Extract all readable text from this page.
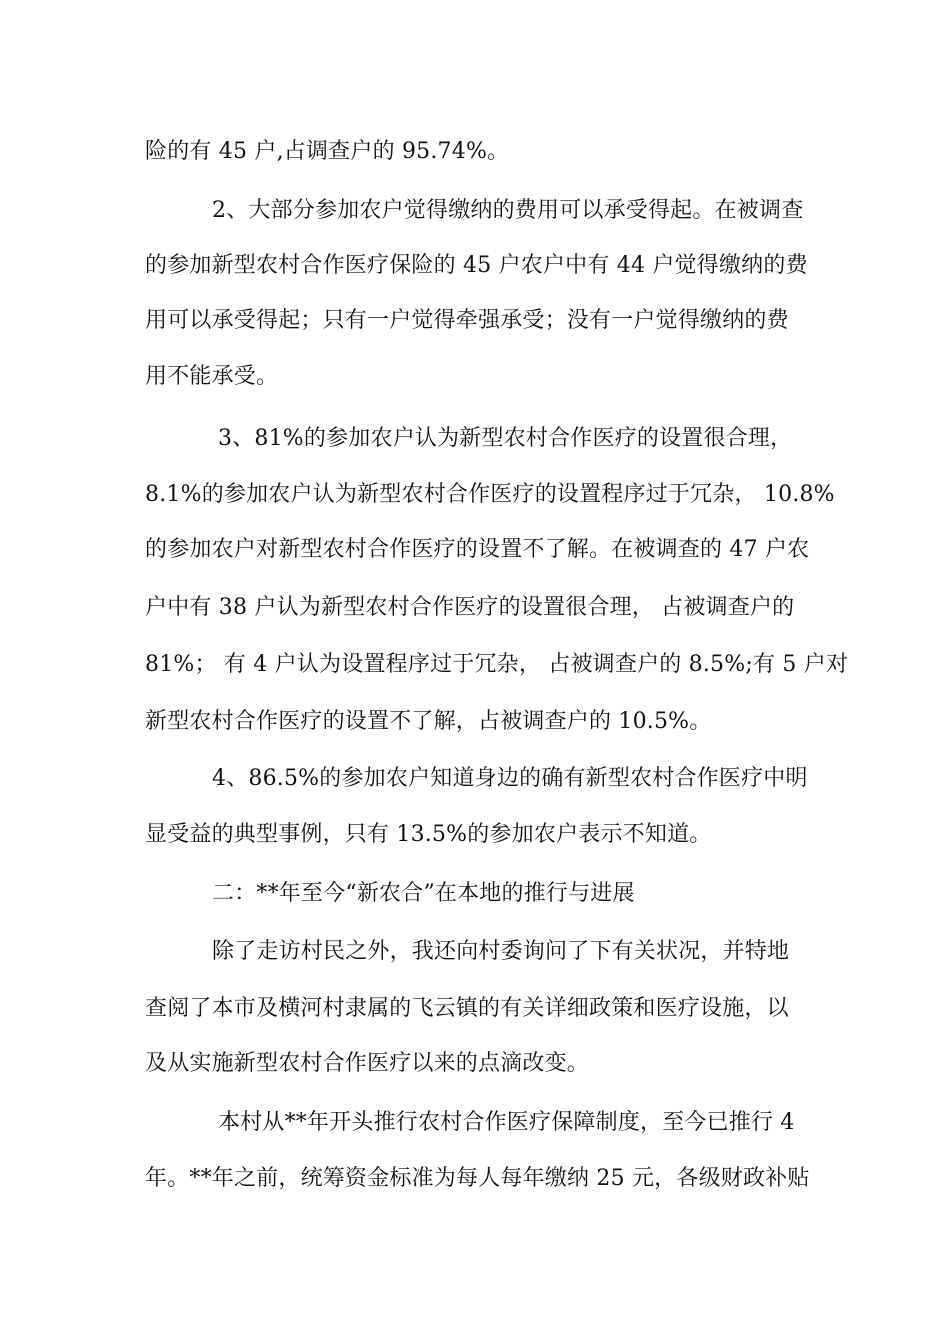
险的有 45 户,占调查户的 95.74%。
2、大部分参加农户觉得缴纳的费用可以承受得起。在被调查
的参加新型农村合作医疗保险的 45 户农户中有 44 户觉得缴纳的费
用可以承受得起；只有一户觉得牵强承受；没有一户觉得缴纳的费
用不能承受。
3、81%的参加农户认为新型农村合作医疗的设置很合理，
8.1%的参加农户认为新型农村合作医疗的设置程序过于冗杂， 10.8%
的参加农户对新型农村合作医疗的设置不了解。在被调查的 47 户农
户中有 38 户认为新型农村合作医疗的设置很合理， 占被调查户的
81%； 有 4 户认为设置程序过于冗杂， 占被调查户的 8.5%;有 5 户对
新型农村合作医疗的设置不了解，占被调查户的 10.5%。
4、86.5%的参加农户知道身边的确有新型农村合作医疗中明
显受益的典型事例，只有 13.5%的参加农户表示不知道。
二：**年至今“新农合”在本地的推行与进展
除了走访村民之外，我还向村委询问了下有关状况，并特地
查阅了本市及横河村隶属的飞云镇的有关详细政策和医疗设施，以
及从实施新型农村合作医疗以来的点滴改变。
本村从**年开头推行农村合作医疗保障制度，至今已推行 4
年。**年之前，统筹资金标准为每人每年缴纳 25 元，各级财政补贴
